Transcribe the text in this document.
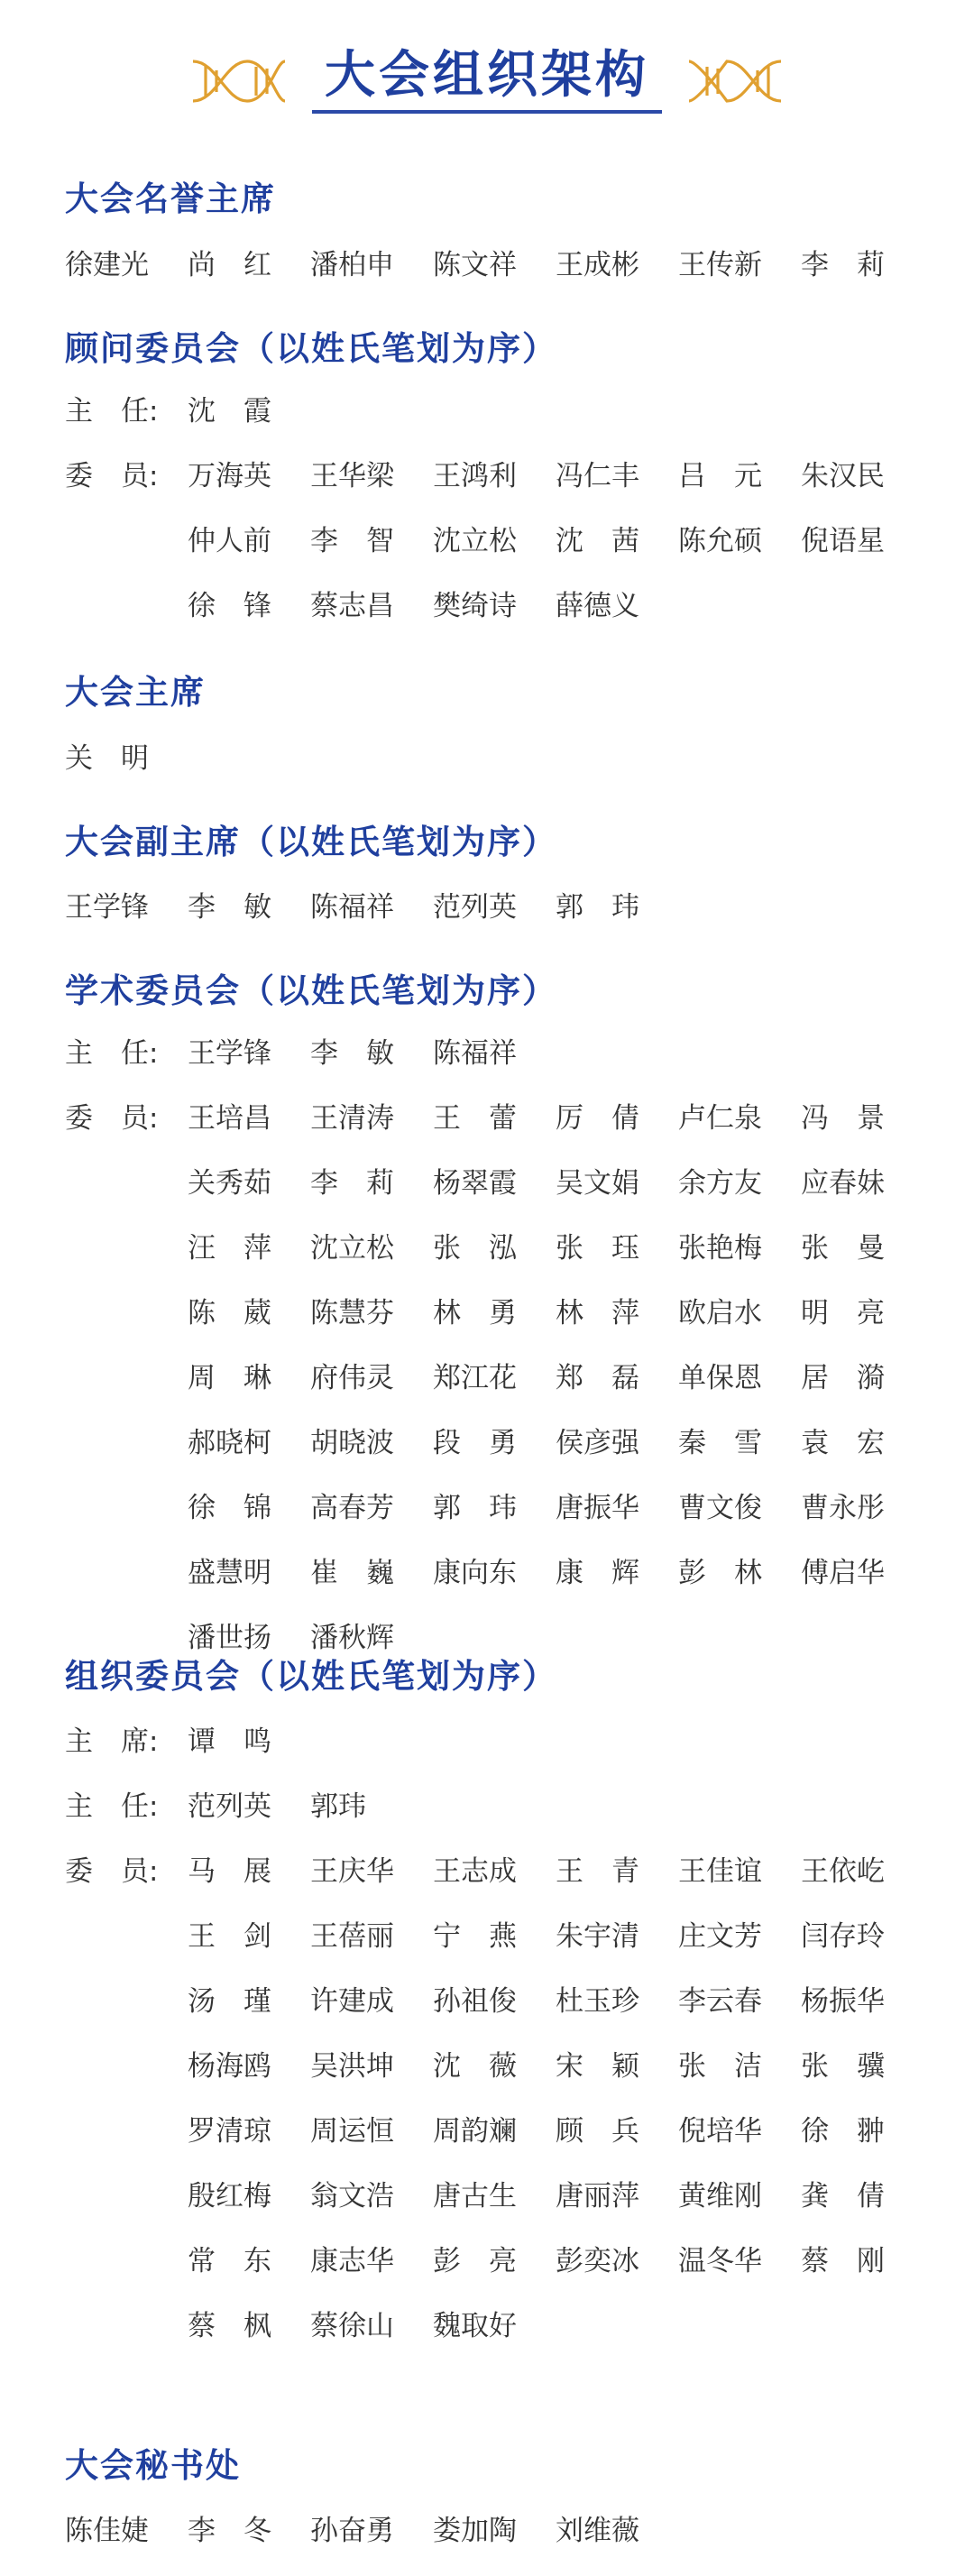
大会组织架构
大会名誉主席
徐建光	尚　红	潘柏申	陈文祥	王成彬	王传新	李　莉
顾问委员会（以姓氏笔划为序）
主　任:	沈　霞
委　员:	万海英	王华梁	王鸿利	冯仁丰	吕　元	朱汉民
仲人前	李　智	沈立松	沈　茜	陈允硕	倪语星
徐　锋	蔡志昌	樊绮诗	薛德义
大会主席
关　明
大会副主席（以姓氏笔划为序）
王学锋	李　敏	陈福祥	范列英	郭　玮
学术委员会（以姓氏笔划为序）
主　任:	王学锋	李　敏	陈福祥
委　员:	王培昌	王清涛	王　蕾	厉　倩	卢仁泉	冯　景
关秀茹	李　莉	杨翠霞	吴文娟	余方友	应春妹
汪　萍	沈立松	张　泓	张　珏	张艳梅	张　曼
陈　葳	陈慧芬	林　勇	林　萍	欧启水	明　亮
周　琳	府伟灵	郑江花	郑　磊	单保恩	居　漪
郝晓柯	胡晓波	段　勇	侯彦强	秦　雪	袁　宏
徐　锦	高春芳	郭　玮	唐振华	曹文俊	曹永彤
盛慧明	崔　巍	康向东	康　辉	彭　林	傅启华
潘世扬	潘秋辉
组织委员会（以姓氏笔划为序）
主　席:	谭　鸣
主　任:	范列英	郭玮
委　员:	马　展	王庆华	王志成	王　青	王佳谊	王依屹
王　剑	王蓓丽	宁　燕	朱宇清	庄文芳	闫存玲
汤　瑾	许建成	孙祖俊	杜玉珍	李云春	杨振华
杨海鸥	吴洪坤	沈　薇	宋　颖	张　洁	张　骥
罗清琼	周运恒	周韵斓	顾　兵	倪培华	徐　翀
殷红梅	翁文浩	唐古生	唐丽萍	黄维刚	龚　倩
常　东	康志华	彭　亮	彭奕冰	温冬华	蔡　刚
蔡　枫	蔡徐山	魏取好
大会秘书处
陈佳婕	李　冬	孙奋勇	娄加陶	刘维薇
